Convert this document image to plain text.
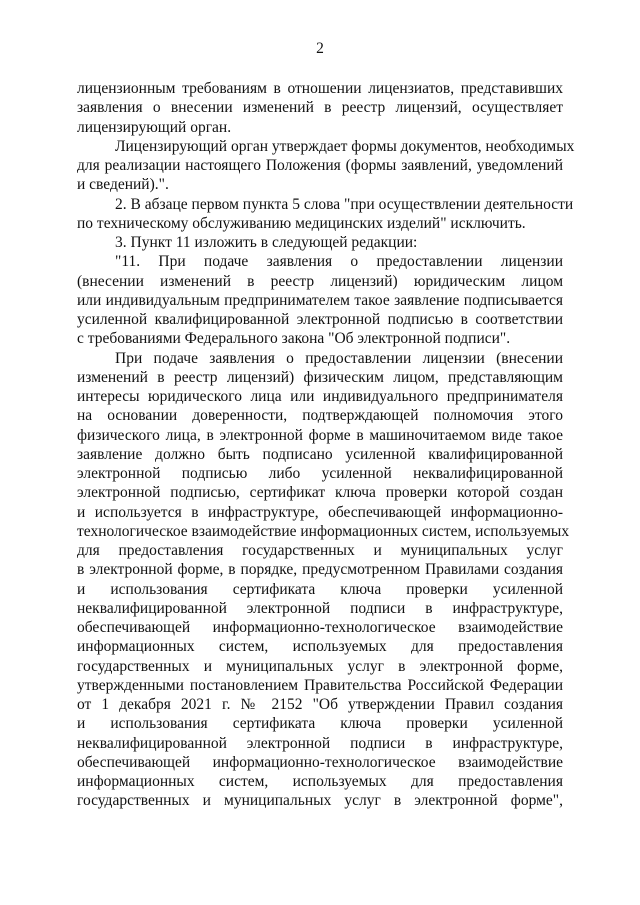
2
лицензионным требованиям в отношении лицензиатов, представивших
заявления о внесении изменений в реестр лицензий, осуществляет
лицензирующий орган.
Лицензирующий орган утверждает формы документов, необходимых
для реализации настоящего Положения (формы заявлений, уведомлений
и сведений).".
2. В абзаце первом пункта 5 слова "при осуществлении деятельности
по техническому обслуживанию медицинских изделий" исключить.
3. Пункт 11 изложить в следующей редакции:
"11. При подаче заявления о предоставлении лицензии
(внесении изменений в реестр лицензий) юридическим лицом
или индивидуальным предпринимателем такое заявление подписывается
усиленной квалифицированной электронной подписью в соответствии
с требованиями Федерального закона "Об электронной подписи".
При подаче заявления о предоставлении лицензии (внесении
изменений в реестр лицензий) физическим лицом, представляющим
интересы юридического лица или индивидуального предпринимателя
на основании доверенности, подтверждающей полномочия этого
физического лица, в электронной форме в машиночитаемом виде такое
заявление должно быть подписано усиленной квалифицированной
электронной подписью либо усиленной неквалифицированной
электронной подписью, сертификат ключа проверки которой создан
и используется в инфраструктуре, обеспечивающей информационно-
технологическое взаимодействие информационных систем, используемых
для предоставления государственных и муниципальных услуг
в электронной форме, в порядке, предусмотренном Правилами создания
и использования сертификата ключа проверки усиленной
неквалифицированной электронной подписи в инфраструктуре,
обеспечивающей информационно-технологическое взаимодействие
информационных систем, используемых для предоставления
государственных и муниципальных услуг в электронной форме,
утвержденными постановлением Правительства Российской Федерации
от 1 декабря 2021 г. № 2152 "Об утверждении Правил создания
и использования сертификата ключа проверки усиленной
неквалифицированной электронной подписи в инфраструктуре,
обеспечивающей информационно-технологическое взаимодействие
информационных систем, используемых для предоставления
государственных и муниципальных услуг в электронной форме",
